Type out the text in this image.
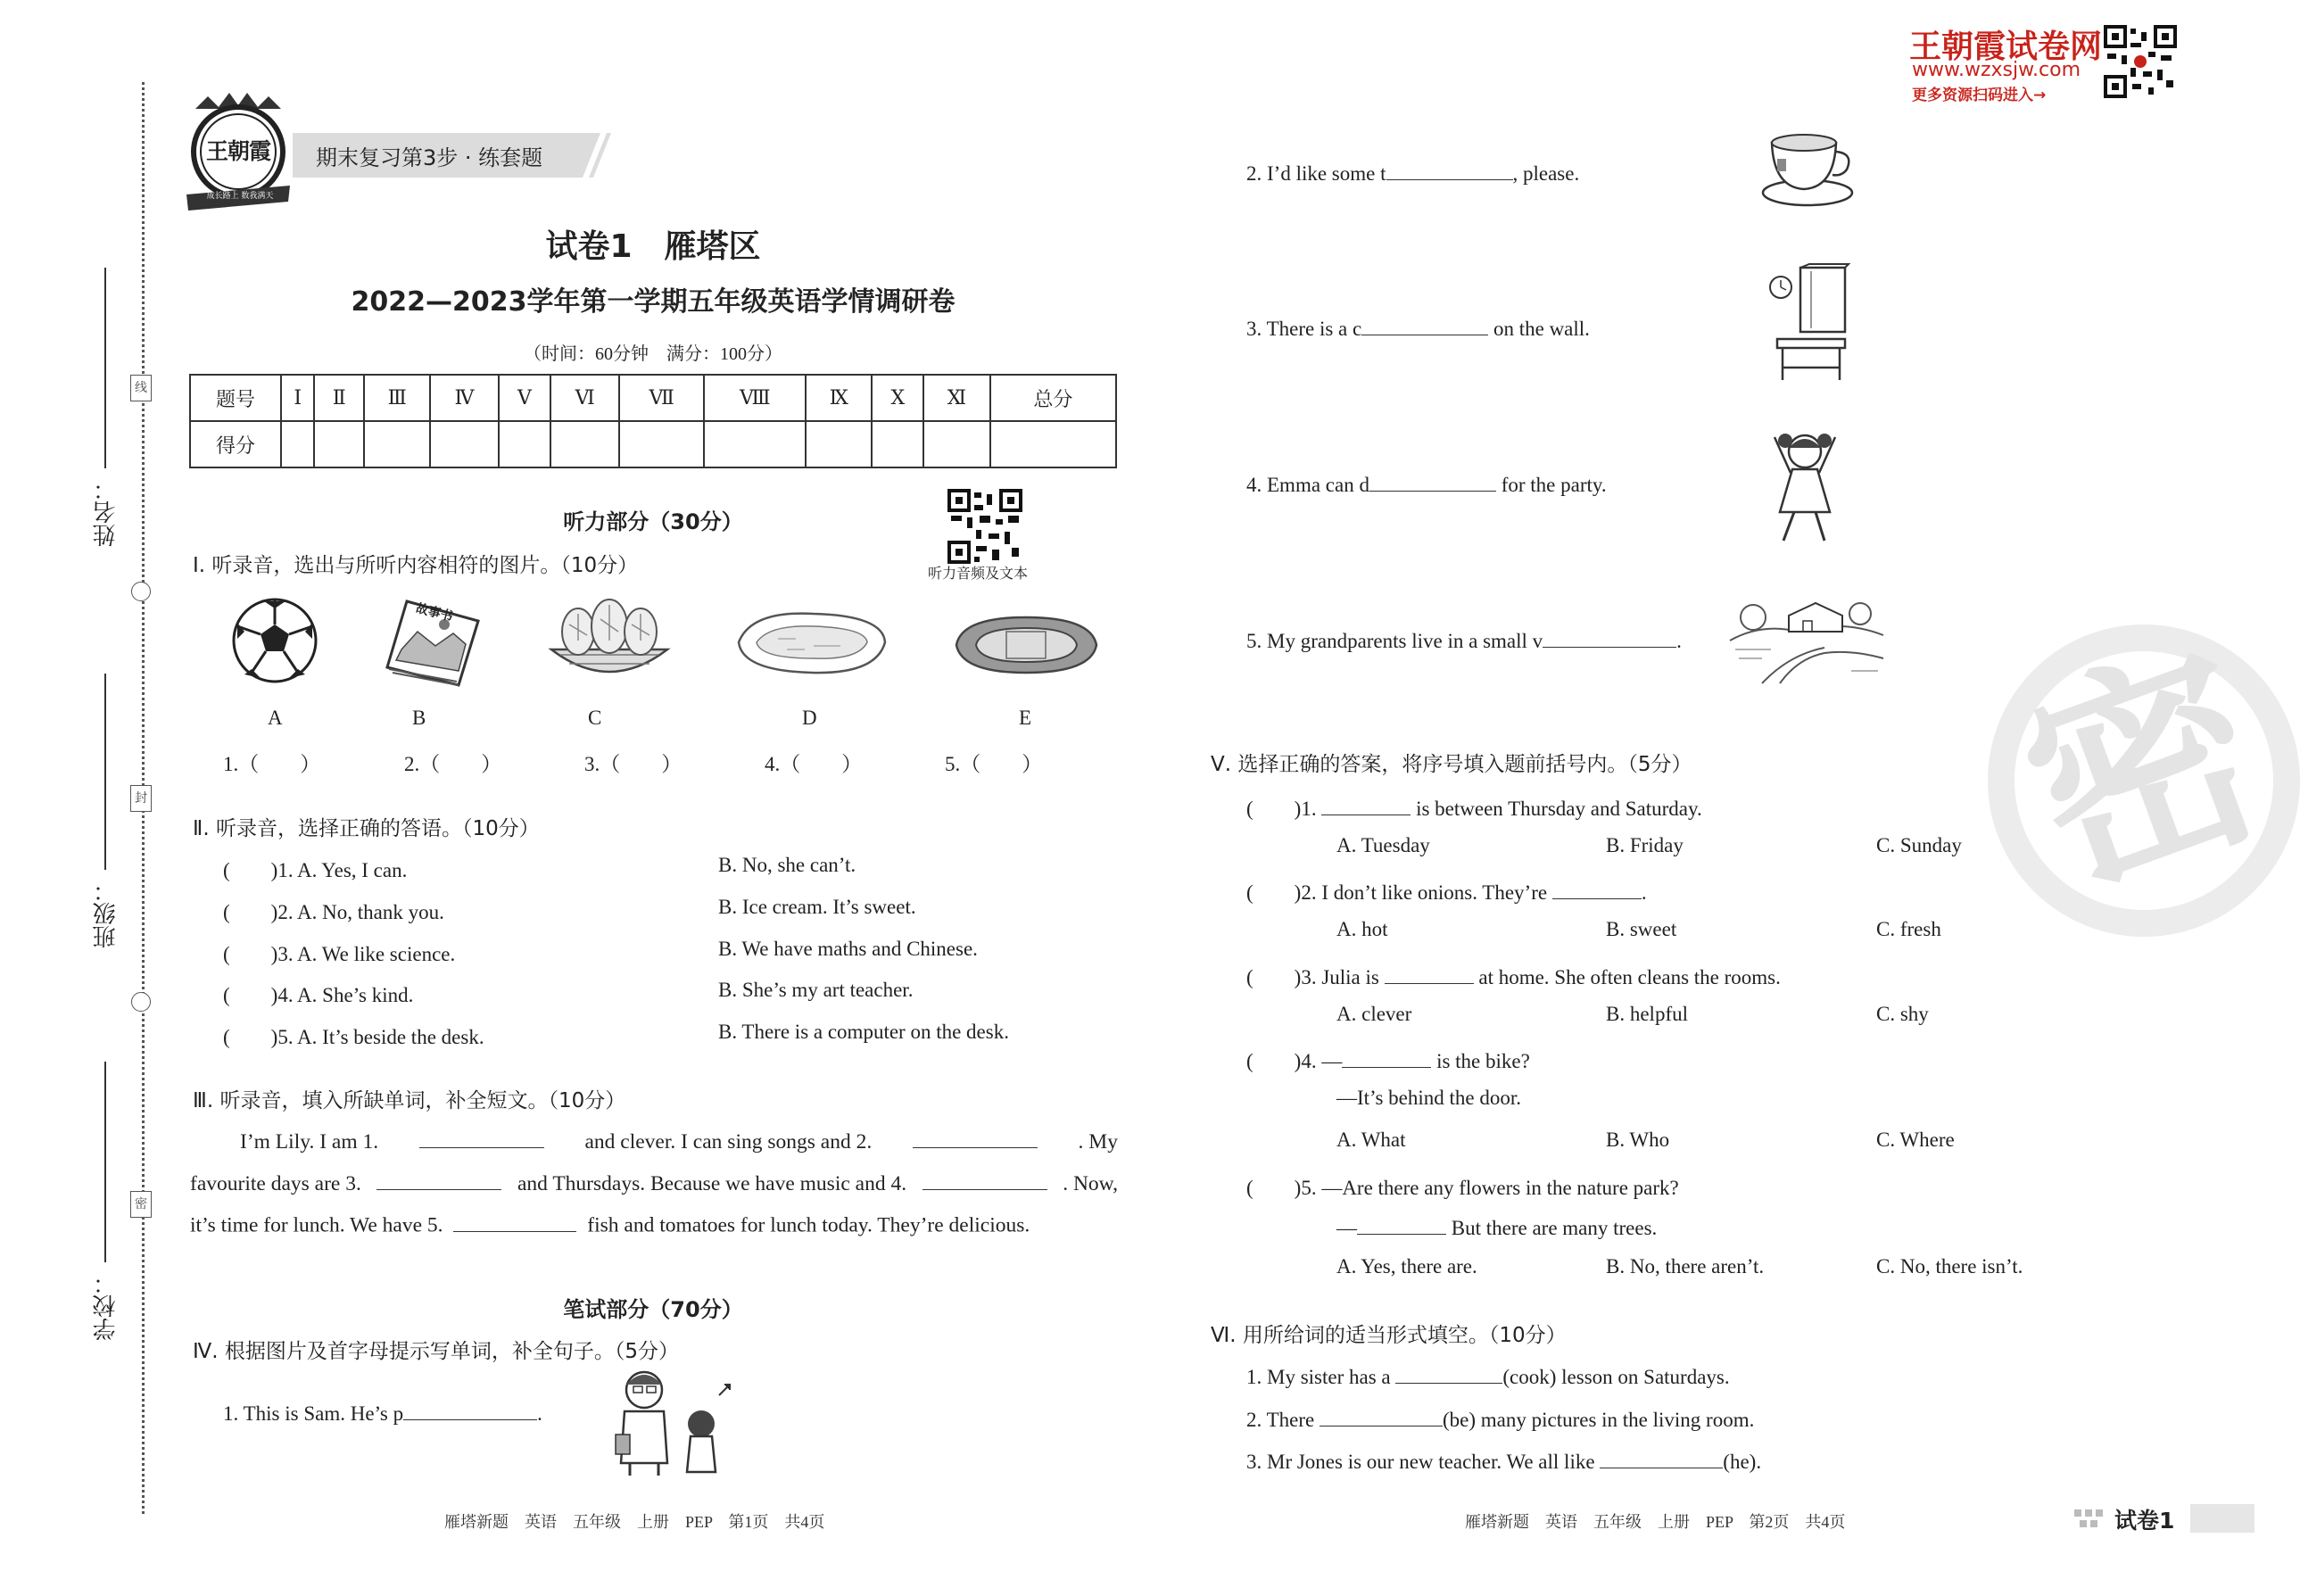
姓名：
班级：
学校：
线
封
密
王朝霞
成长路上 数我满天
期末复习第3步 · 练套题
王朝霞试卷网
www.wzxsjw.com
更多资源扫码进入→
试卷1　雁塔区
2022—2023学年第一学期五年级英语学情调研卷
（时间：60分钟　满分：100分）
题号	Ⅰ	Ⅱ	Ⅲ	Ⅳ	Ⅴ	Ⅵ	Ⅶ	Ⅷ	Ⅸ	Ⅹ	Ⅺ	总分
得分												
听力部分（30分）
听力音频及文本
Ⅰ. 听录音，选出与所听内容相符的图片。（10分）
故事书
A	B	C	D	E
1.（　　）	2.（　　）	3.（　　）	4.（　　）	5.（　　）
Ⅱ. 听录音，选择正确的答语。（10分）
(　　)1. A. Yes, I can.	B. No, she can’t.
(　　)2. A. No, thank you.	B. Ice cream. It’s sweet.
(　　)3. A. We like science.	B. We have maths and Chinese.
(　　)4. A. She’s kind.	B. She’s my art teacher.
(　　)5. A. It’s beside the desk.	B. There is a computer on the desk.
Ⅲ. 听录音，填入所缺单词，补全短文。（10分）
I’m Lily. I am 1.	and clever. I can sing songs and 2.	. My
favourite days are 3.	and Thursdays. Because we have music and 4.	. Now,
it’s time for lunch. We have 5.	fish and tomatoes for lunch today. They’re delicious.
笔试部分（70分）
Ⅳ. 根据图片及首字母提示写单词，补全句子。（5分）
1. This is Sam. He’s p	.
2. I’d like some t	, please.
3. There is a c	on the wall.
4. Emma can d	for the party.
5. My grandparents live in a small v	.
Ⅴ. 选择正确的答案，将序号填入题前括号内。（5分）
(　　)1.	is between Thursday and Saturday.
A. Tuesday	B. Friday	C. Sunday
(　　)2. I don’t like onions. They’re	.
A. hot	B. sweet	C. fresh
(　　)3. Julia is	at home. She often cleans the rooms.
A. clever	B. helpful	C. shy
(　　)4. —	is the bike?
—It’s behind the door.
A. What	B. Who	C. Where
(　　)5. —Are there any flowers in the nature park?
—	But there are many trees.
A. Yes, there are.	B. No, there aren’t.	C. No, there isn’t.
Ⅵ. 用所给词的适当形式填空。（10分）
1. My sister has a	(cook) lesson on Saturdays.
2. There	(be) many pictures in the living room.
3. Mr Jones is our new teacher. We all like	(he).
密
雁塔新题　英语　五年级　上册　PEP　第1页　共4页	雁塔新题　英语　五年级　上册　PEP　第2页　共4页	试卷1
